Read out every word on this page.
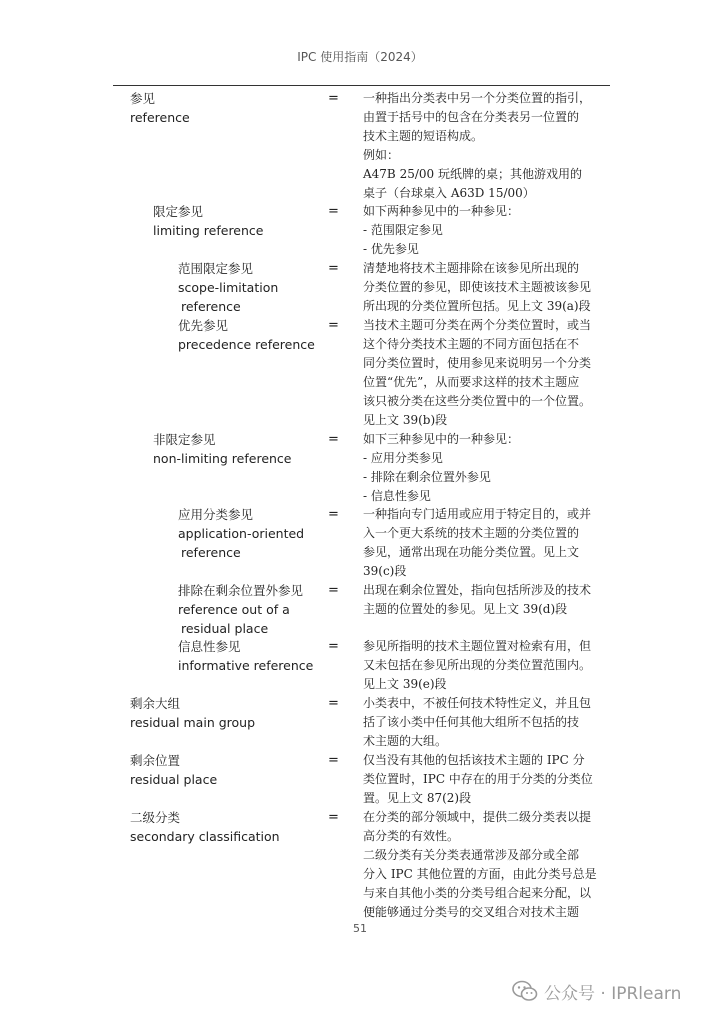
IPC 使用指南（2024）
参见
reference
= 一种指出分类表中另一个分类位置的指引，
由置于括号中的包含在分类表另一位置的
技术主题的短语构成。
例如：
A47B 25/00 玩纸牌的桌；其他游戏用的
桌子（台球桌入 A63D 15/00）
限定参见
limiting reference
= 如下两种参见中的一种参见：
- 范围限定参见
- 优先参见
范围限定参见
scope-limitation
reference
= 清楚地将技术主题排除在该参见所出现的
分类位置的参见，即使该技术主题被该参见
所出现的分类位置所包括。见上文 39(a)段
优先参见
precedence reference
= 当技术主题可分类在两个分类位置时，或当
这个待分类技术主题的不同方面包括在不
同分类位置时，使用参见来说明另一个分类
位置“优先”，从而要求这样的技术主题应
该只被分类在这些分类位置中的一个位置。
见上文 39(b)段
非限定参见
non-limiting reference
= 如下三种参见中的一种参见：
- 应用分类参见
- 排除在剩余位置外参见
- 信息性参见
应用分类参见
application-oriented
reference
= 一种指向专门适用或应用于特定目的，或并
入一个更大系统的技术主题的分类位置的
参见，通常出现在功能分类位置。见上文
39(c)段
排除在剩余位置外参见
reference out of a
residual place
= 出现在剩余位置处，指向包括所涉及的技术
主题的位置处的参见。见上文 39(d)段
信息性参见
informative reference
= 参见所指明的技术主题位置对检索有用，但
又未包括在参见所出现的分类位置范围内。
见上文 39(e)段
剩余大组
residual main group
= 小类表中，不被任何技术特性定义，并且包
括了该小类中任何其他大组所不包括的技
术主题的大组。
剩余位置
residual place
= 仅当没有其他的包括该技术主题的 IPC 分
类位置时，IPC 中存在的用于分类的分类位
置。见上文 87(2)段
二级分类
secondary classification
= 在分类的部分领域中，提供二级分类表以提
高分类的有效性。
二级分类有关分类表通常涉及部分或全部
分入 IPC 其他位置的方面，由此分类号总是
与来自其他小类的分类号组合起来分配，以
便能够通过分类号的交叉组合对技术主题
51
公众号 · IPRlearn
